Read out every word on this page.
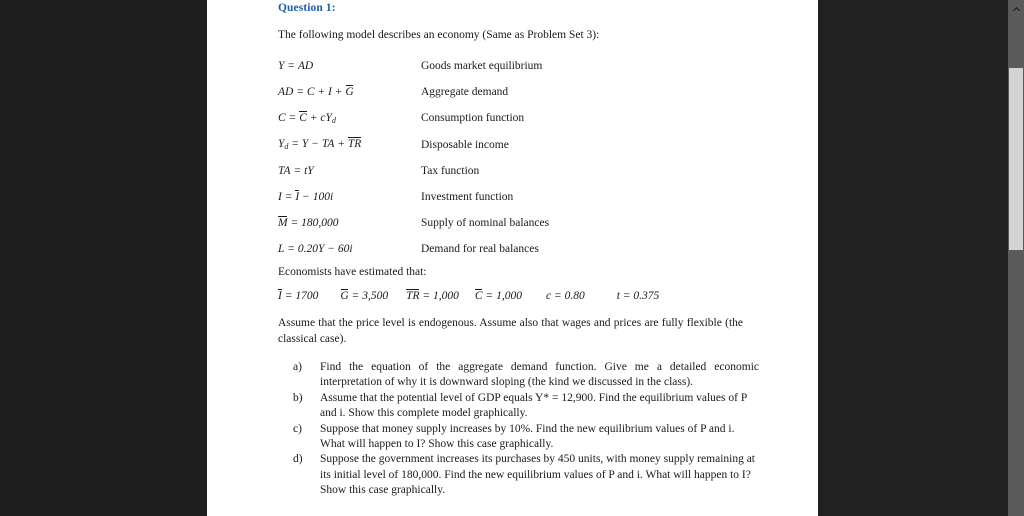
Question 1:
The following model describes an economy (Same as Problem Set 3):
Y = AD	Goods market equilibrium
AD = C + I + G	Aggregate demand
$C = C + cY_d$	Consumption function
$Y_d = Y$ − TA + TR	Disposable income
TA = tY	Tax function
I = I − 100i	Investment function
M = 180,000	Supply of nominal balances
L = 0.20Y − 60i	Demand for real balances
Economists have estimated that:
I = 1700 G = 3,500 TR = 1,000 C = 1,000 c = 0.80	t = 0.375
Assume that the price level is endogenous. Assume also that wages and prices are fully flexible (the classical case).
a)	Find the equation of the aggregate demand function. Give me a detailed economic interpretation of why it is downward sloping (the kind we discussed in the class).
b)	Assume that the potential level of GDP equals Y* = 12,900. Find the equilibrium values of P and i. Show this complete model graphically.
c)	Suppose that money supply increases by 10%. Find the new equilibrium values of P and i. What will happen to I? Show this case graphically.
d)	Suppose the government increases its purchases by 450 units, with money supply remaining at its initial level of 180,000. Find the new equilibrium values of P and i. What will happen to I? Show this case graphically.
